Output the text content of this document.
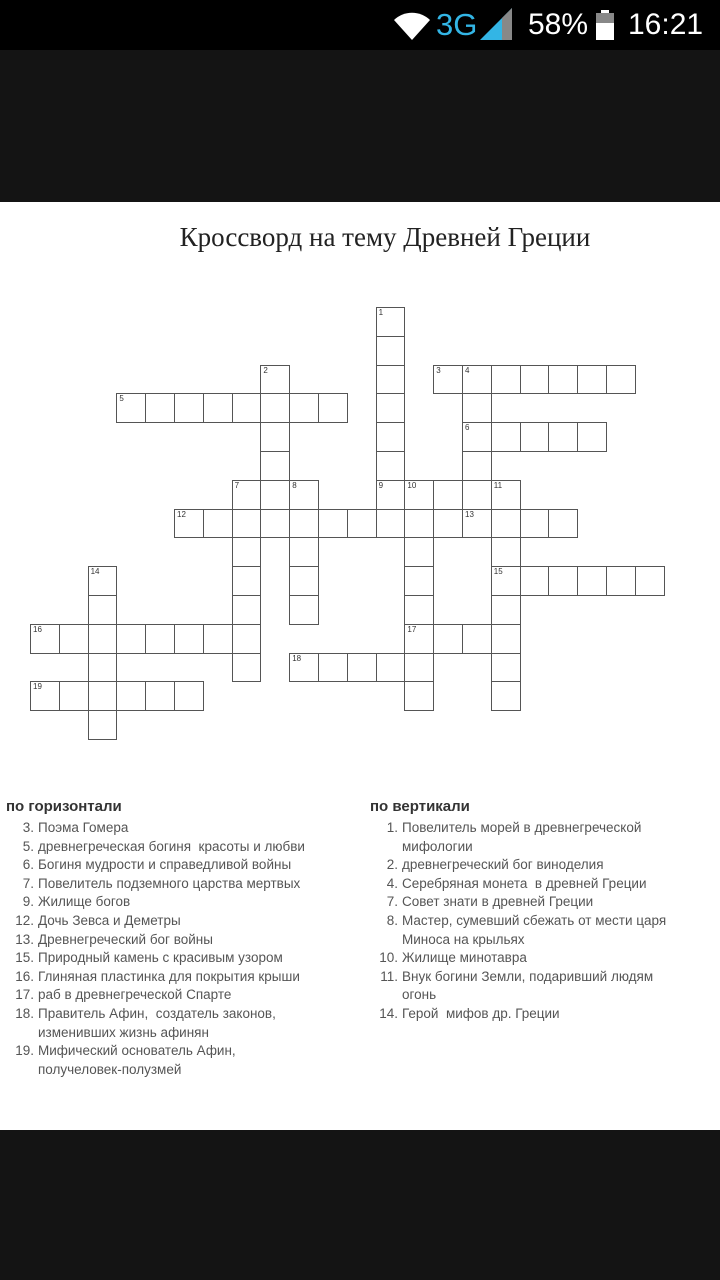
3G 58% 16:21
Кроссворд на тему Древней Греции
1
9
2	3	4
6
5
7	8	10
17
11
15
12	13
14
16
18
19
по горизонтали
3. Поэма Гомера
5. древнегреческая богиня  красоты и любви
6. Богиня мудрости и справедливой войны
7. Повелитель подземного царства мертвых
9. Жилище богов
12. Дочь Зевса и Деметры
13. Древнегреческий бог войны
15. Природный камень с красивым узором
16. Глиняная пластинка для покрытия крыши
17. раб в древнегреческой Спарте
18. Правитель Афин,  создатель законов,
изменивших жизнь афинян
19. Мифический основатель Афин,
получеловек-полузмей
по вертикали
1. Повелитель морей в древнегреческой
мифологии
2. древнегреческий бог виноделия
4. Серебряная монета  в древней Греции
7. Совет знати в древней Греции
8. Мастер, сумевший сбежать от мести царя
Миноса на крыльях
10. Жилище минотавра
11. Внук богини Земли, подаривший людям
огонь
14. Герой  мифов др. Греции
